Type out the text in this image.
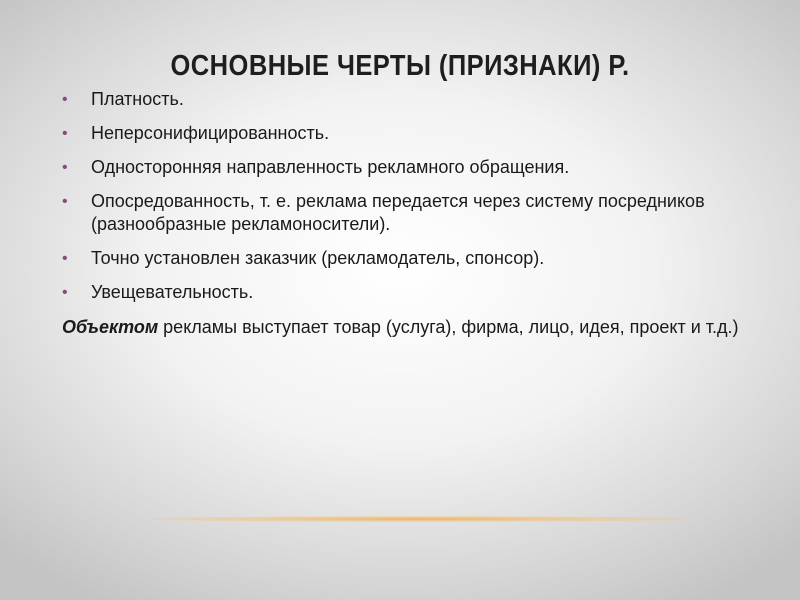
ОСНОВНЫЕ ЧЕРТЫ (ПРИЗНАКИ) Р.
• Платность.
• Неперсонифицированность.
• Односторонняя направленность рекламного обращения.
• Опосредованность, т. е. реклама передается через систему посредников (разнообразные рекламоносители).
• Точно установлен заказчик (рекламодатель, спонсор).
• Увещевательность.
Объектом рекламы выступает товар (услуга), фирма, лицо, идея, проект и т.д.)
